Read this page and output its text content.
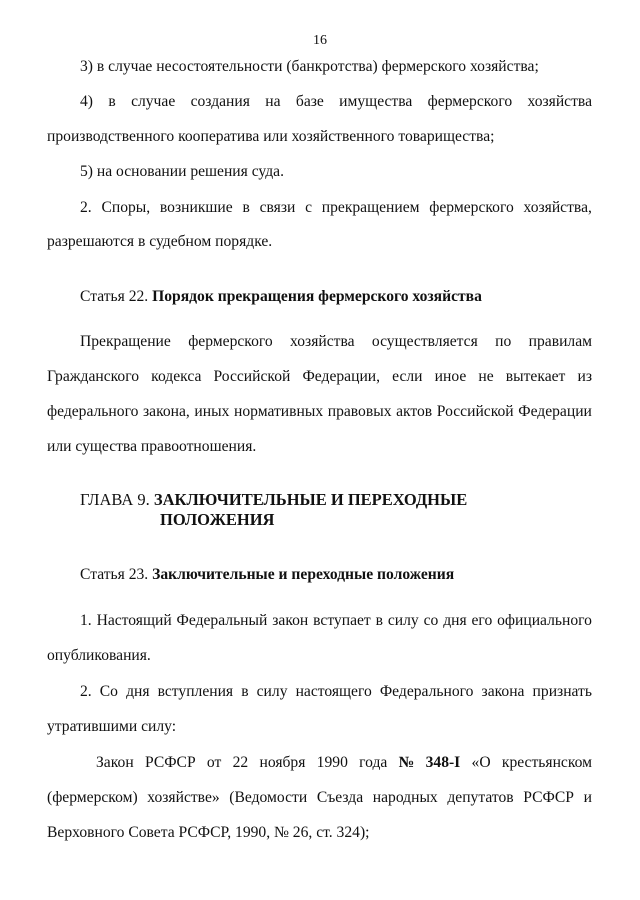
16
3) в случае несостоятельности (банкротства) фермерского хозяйства;
4) в случае создания на базе имущества фермерского хозяйства
производственного кооператива или хозяйственного товарищества;
5) на основании решения суда.
2. Споры, возникшие в связи с прекращением фермерского хозяйства,
разрешаются в судебном порядке.
Статья 22. Порядок прекращения фермерского хозяйства
Прекращение фермерского хозяйства осуществляется по правилам
Гражданского кодекса Российской Федерации, если иное не вытекает из
федерального закона, иных нормативных правовых актов Российской Федерации
или существа правоотношения.
ГЛАВА 9. ЗАКЛЮЧИТЕЛЬНЫЕ И ПЕРЕХОДНЫЕ
ПОЛОЖЕНИЯ
Статья 23. Заключительные и переходные положения
1. Настоящий Федеральный закон вступает в силу со дня его официального
опубликования.
2. Со дня вступления в силу настоящего Федерального закона признать
утратившими силу:
Закон РСФСР от 22 ноября 1990 года № 348-I «О крестьянском
(фермерском) хозяйстве» (Ведомости Съезда народных депутатов РСФСР и
Верховного Совета РСФСР, 1990, № 26, ст. 324);
